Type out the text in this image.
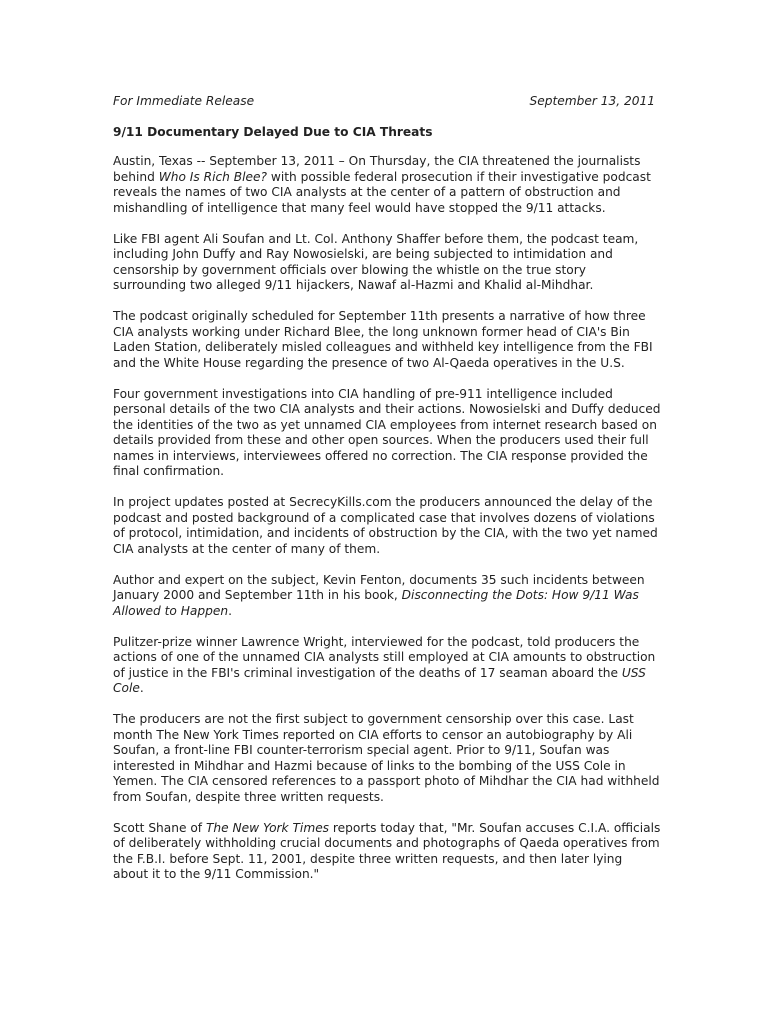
For Immediate Release	September 13, 2011
9/11 Documentary Delayed Due to CIA Threats

Austin, Texas -- September 13, 2011 – On Thursday, the CIA threatened the journalists behind Who Is Rich Blee? with possible federal prosecution if their investigative podcast reveals the names of two CIA analysts at the center of a pattern of obstruction and mishandling of intelligence that many feel would have stopped the 9/11 attacks.

Like FBI agent Ali Soufan and Lt. Col. Anthony Shaffer before them, the podcast team, including John Duffy and Ray Nowosielski, are being subjected to intimidation and censorship by government officials over blowing the whistle on the true story surrounding two alleged 9/11 hijackers, Nawaf al-Hazmi and Khalid al-Mihdhar.

The podcast originally scheduled for September 11th presents a narrative of how three CIA analysts working under Richard Blee, the long unknown former head of CIA's Bin Laden Station, deliberately misled colleagues and withheld key intelligence from the FBI and the White House regarding the presence of two Al-Qaeda operatives in the U.S.

Four government investigations into CIA handling of pre-911 intelligence included personal details of the two CIA analysts and their actions. Nowosielski and Duffy deduced the identities of the two as yet unnamed CIA employees from internet research based on details provided from these and other open sources. When the producers used their full names in interviews, interviewees offered no correction. The CIA response provided the final confirmation.

In project updates posted at SecrecyKills.com the producers announced the delay of the podcast and posted background of a complicated case that involves dozens of violations of protocol, intimidation, and incidents of obstruction by the CIA, with the two yet named CIA analysts at the center of many of them.

Author and expert on the subject, Kevin Fenton, documents 35 such incidents between January 2000 and September 11th in his book, Disconnecting the Dots: How 9/11 Was Allowed to Happen.

Pulitzer-prize winner Lawrence Wright, interviewed for the podcast, told producers the actions of one of the unnamed CIA analysts still employed at CIA amounts to obstruction of justice in the FBI's criminal investigation of the deaths of 17 seaman aboard the USS Cole.

The producers are not the first subject to government censorship over this case. Last month The New York Times reported on CIA efforts to censor an autobiography by Ali Soufan, a front-line FBI counter-terrorism special agent. Prior to 9/11, Soufan was interested in Mihdhar and Hazmi because of links to the bombing of the USS Cole in Yemen. The CIA censored references to a passport photo of Mihdhar the CIA had withheld from Soufan, despite three written requests.

Scott Shane of The New York Times reports today that, "Mr. Soufan accuses C.I.A. officials of deliberately withholding crucial documents and photographs of Qaeda operatives from the F.B.I. before Sept. 11, 2001, despite three written requests, and then later lying about it to the 9/11 Commission."
